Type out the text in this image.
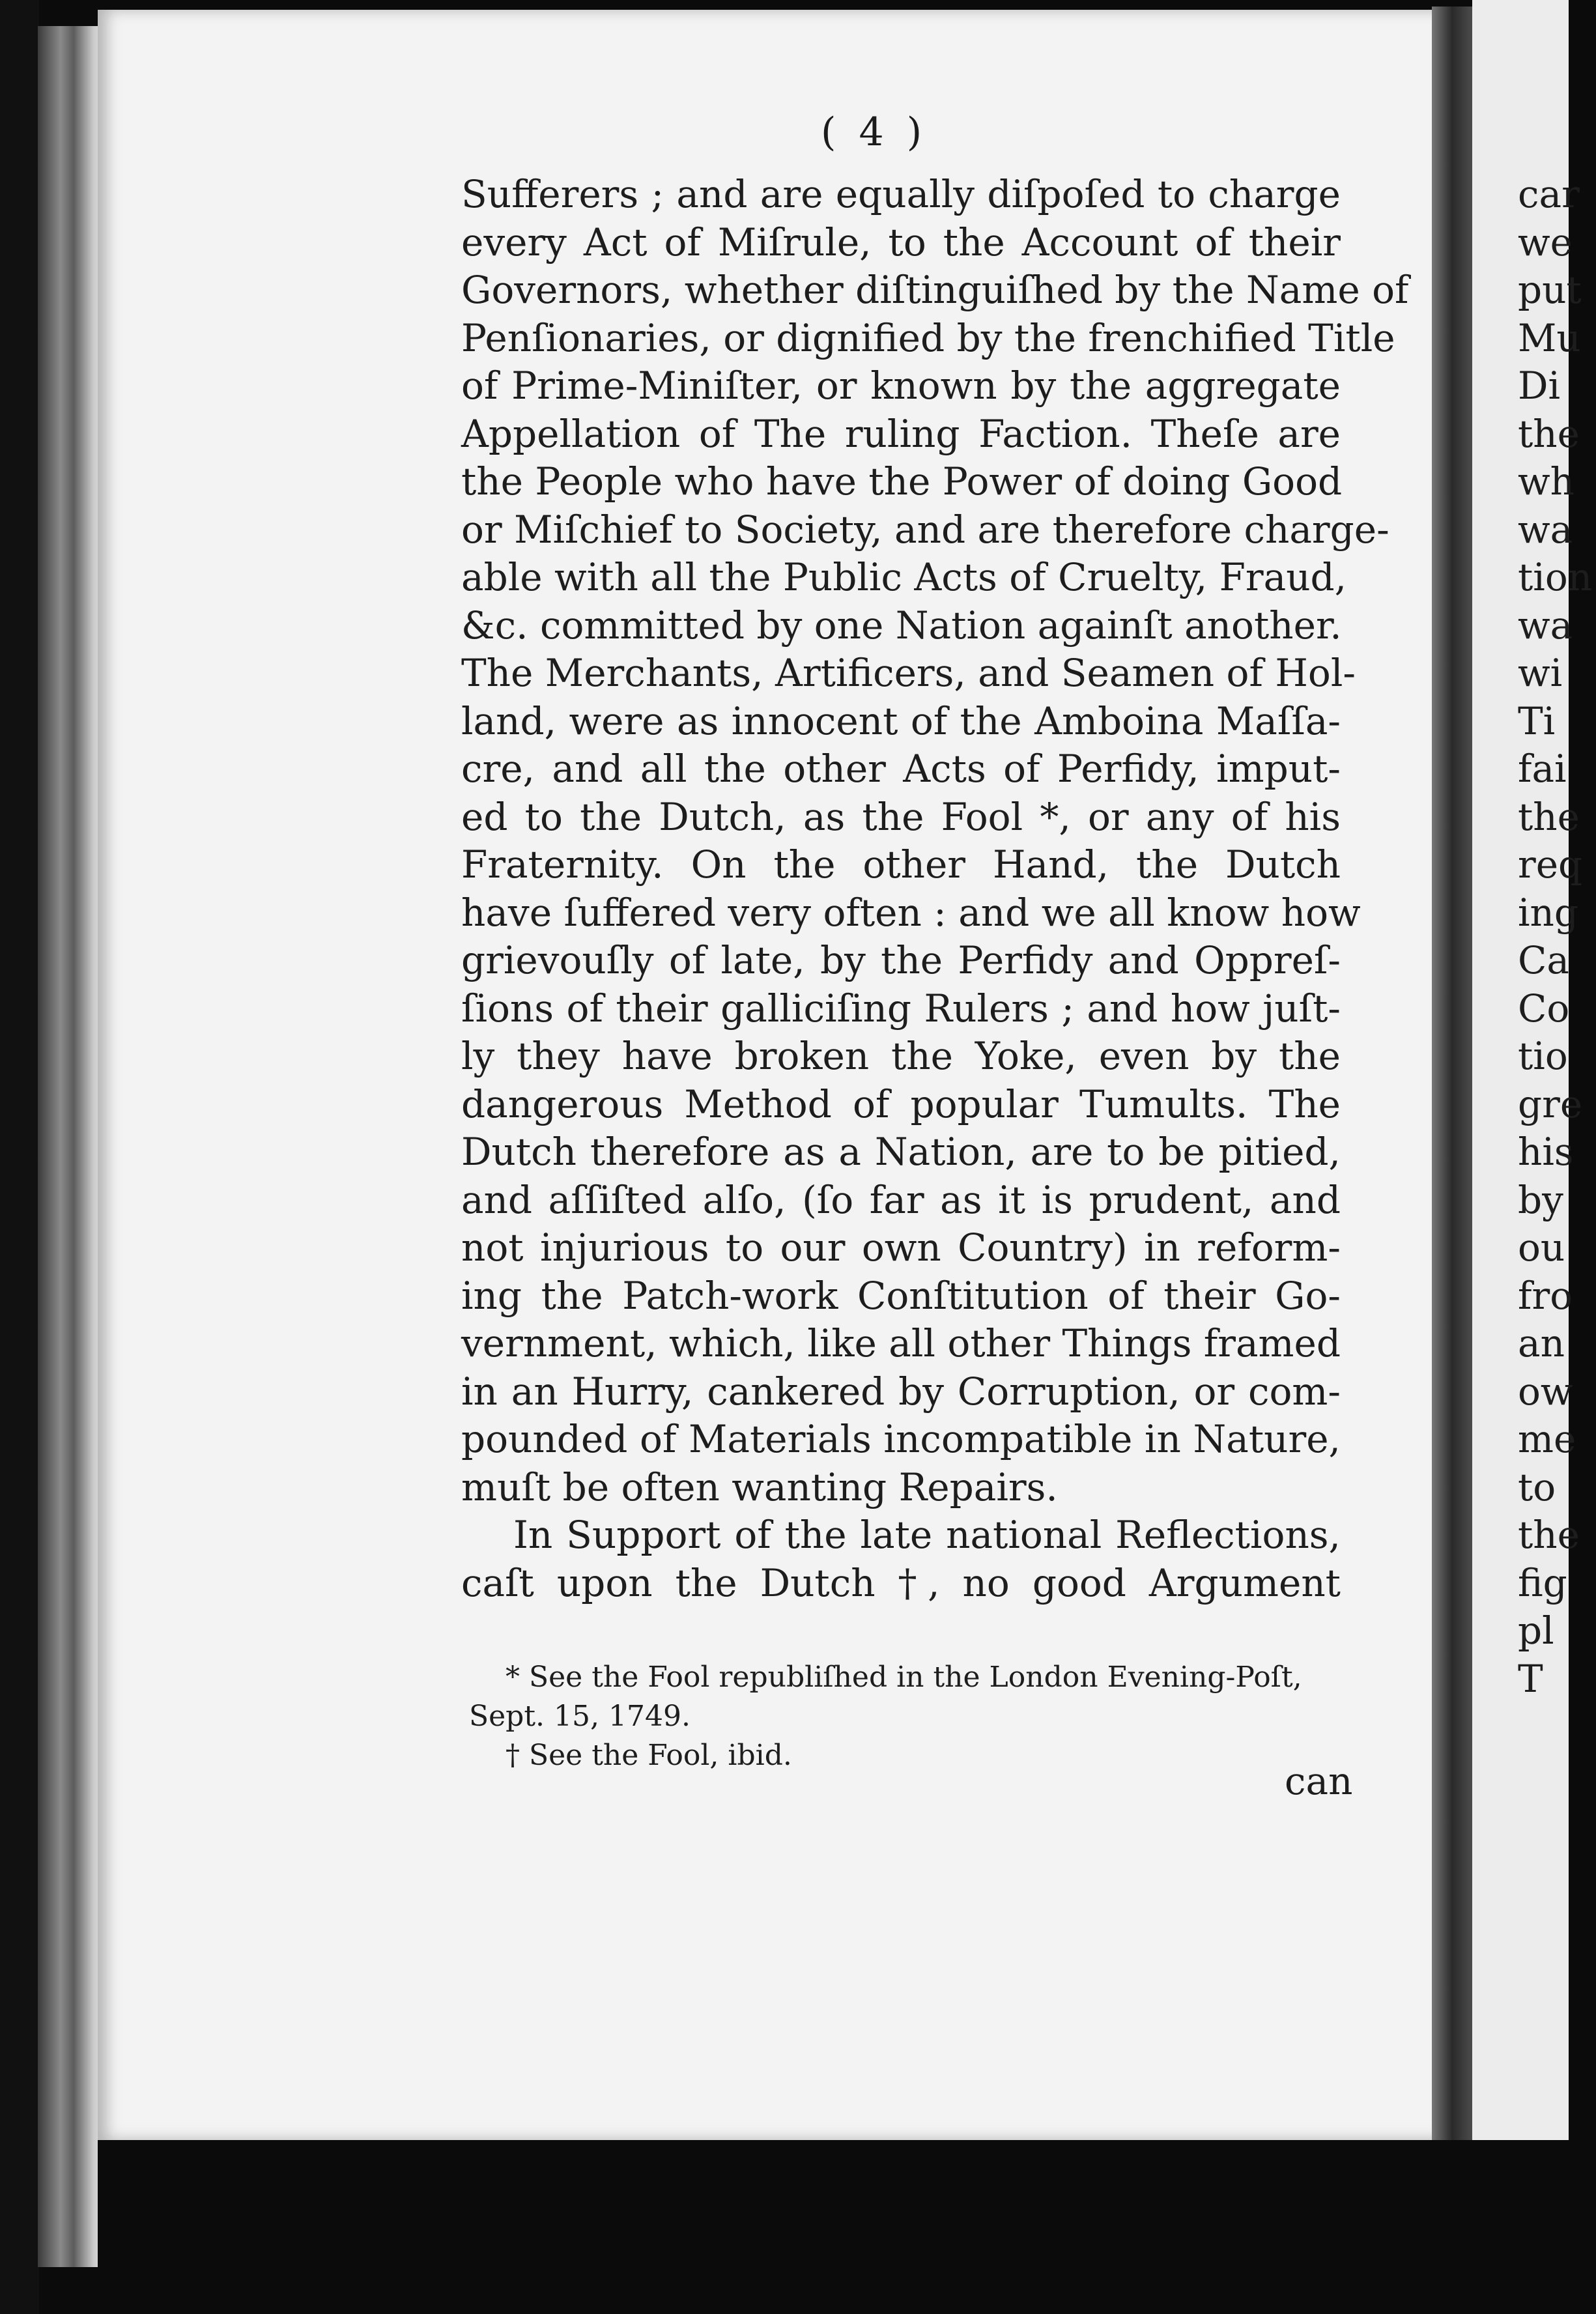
( 4 )
Sufferers ; and are equally diſpoſed to charge
every Act of Miſrule, to the Account of their
Governors, whether diſtinguiſhed by the Name of
Penſionaries, or dignified by the frenchified Title
of Prime-Miniſter, or known by the aggregate
Appellation of The ruling Faction. Theſe are
the People who have the Power of doing Good
or Miſchief to Society, and are therefore charge-
able with all the Public Acts of Cruelty, Fraud,
&c. committed by one Nation againſt another.
The Merchants, Artificers, and Seamen of Hol-
land, were as innocent of the Amboina Maſſa-
cre, and all the other Acts of Perfidy, imput-
ed to the Dutch, as the Fool *, or any of his
Fraternity. On the other Hand, the Dutch
have ſuffered very often : and we all know how
grievouſly of late, by the Perfidy and Oppreſ-
ſions of their galliciſing Rulers ; and how juſt-
ly they have broken the Yoke, even by the
dangerous Method of popular Tumults. The
Dutch therefore as a Nation, are to be pitied,
and aſſiſted alſo, (ſo far as it is prudent, and
not injurious to our own Country) in reform-
ing the Patch-work Conſtitution of their Go-
vernment, which, like all other Things framed
in an Hurry, cankered by Corruption, or com-
pounded of Materials incompatible in Nature,
muſt be often wanting Repairs.
In Support of the late national Reflections,
caſt upon the Dutch †, no good Argument
* See the Fool republiſhed in the London Evening-Poſt,
Sept. 15, 1749.
† See the Fool, ibid.
can
car
we
put
Mu
Di
the
wh
wa
tion
wa
wi
Ti
fai
the
req
ing
Ca
Co
tio
gre
his
by
ou
fro
an
ow
me
to
the
fig
pl
T
